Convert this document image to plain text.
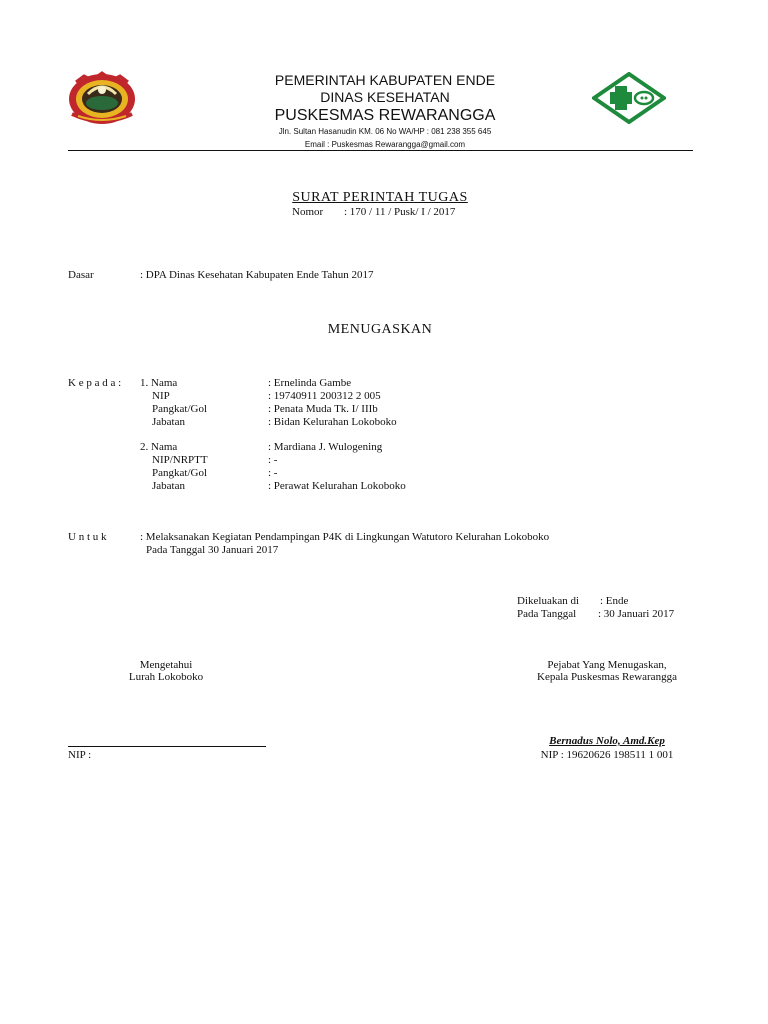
PEMERINTAH KABUPATEN ENDE
DINAS KESEHATAN
PUSKESMAS REWARANGGA
Jln. Sultan Hasanudin KM. 06 No WA/HP : 081 238 355 645
Email : Puskesmas Rewarangga@gmail.com
SURAT PERINTAH TUGAS
Nomor : 170 / 11 / Pusk/ I / 2017
Dasar	: DPA Dinas Kesehatan Kabupaten Ende Tahun 2017
MENUGASKAN
K e p a d a : 1. Nama	: Ernelinda Gambe
NIP	: 19740911 200312 2 005
Pangkat/Gol	: Penata Muda Tk. I/ IIIb
Jabatan	: Bidan Kelurahan Lokoboko
2. Nama	: Mardiana J. Wulogening
NIP/NRPTT	: -
Pangkat/Gol	: -
Jabatan	: Perawat Kelurahan Lokoboko
U n t u k	: Melaksanakan Kegiatan Pendampingan P4K di Lingkungan Watutoro Kelurahan Lokoboko
Pada Tanggal 30 Januari 2017
Dikeluakan di : Ende
Pada Tanggal : 30 Januari 2017
Mengetahui
Lurah Lokoboko
NIP :
Pejabat Yang Menugaskan,
Kepala Puskesmas Rewarangga
Bernadus Nolo, Amd.Kep
NIP : 19620626 198511 1 001
